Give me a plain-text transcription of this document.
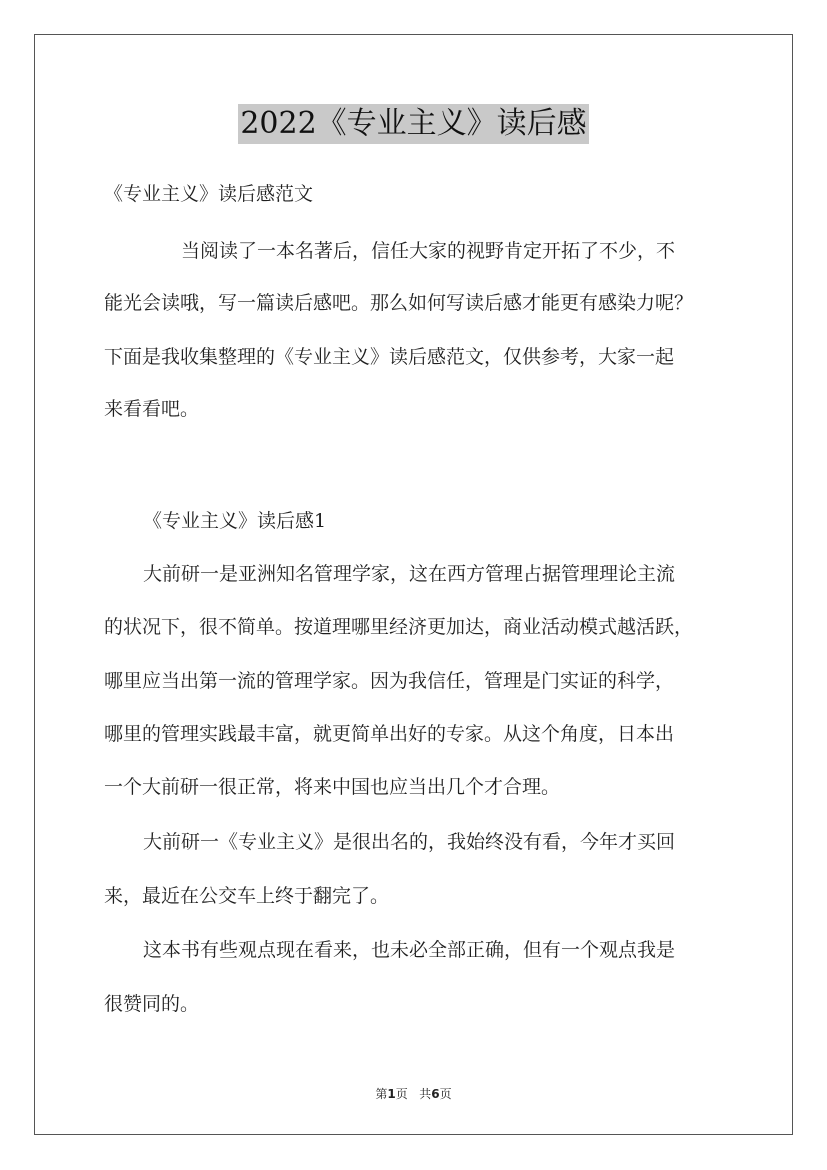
2022《专业主义》读后感
《专业主义》读后感范文
当阅读了一本名著后，信任大家的视野肯定开拓了不少，不
能光会读哦，写一篇读后感吧。那么如何写读后感才能更有感染力呢？
下面是我收集整理的《专业主义》读后感范文，仅供参考，大家一起
来看看吧。
《专业主义》读后感1
大前研一是亚洲知名管理学家，这在西方管理占据管理理论主流
的状况下，很不简单。按道理哪里经济更加达，商业活动模式越活跃，
哪里应当出第一流的管理学家。因为我信任，管理是门实证的科学，
哪里的管理实践最丰富，就更简单出好的专家。从这个角度，日本出
一个大前研一很正常，将来中国也应当出几个才合理。
大前研一《专业主义》是很出名的，我始终没有看，今年才买回
来，最近在公交车上终于翻完了。
这本书有些观点现在看来，也未必全部正确，但有一个观点我是
很赞同的。
第1页 共6页
